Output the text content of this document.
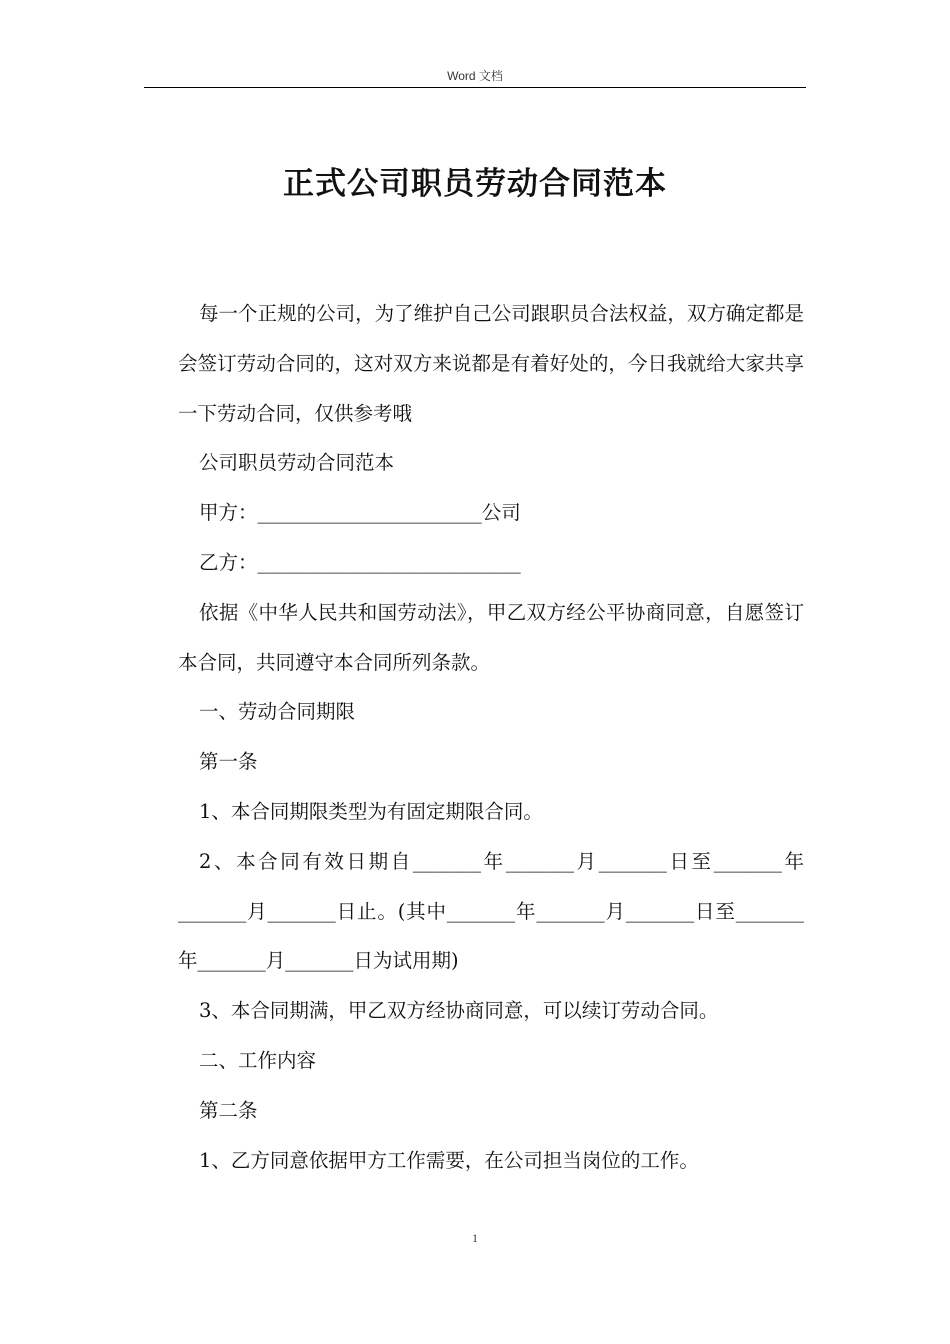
Word 文档
正式公司职员劳动合同范本

每一个正规的公司，为了维护自己公司跟职员合法权益，双方确定都是会签订劳动合同的，这对双方来说都是有着好处的，今日我就给大家共享一下劳动合同，仅供参考哦

公司职员劳动合同范本

甲方：_______________________公司

乙方：___________________________

依据《中华人民共和国劳动法》，甲乙双方经公平协商同意，自愿签订本合同，共同遵守本合同所列条款。

一、劳动合同期限

第一条

1、本合同期限类型为有固定期限合同。

2、本合同有效日期自_______年_______月_______日至_______年_______月_______日止。(其中_______年_______月_______日至_______年_______月_______日为试用期)

3、本合同期满，甲乙双方经协商同意，可以续订劳动合同。

二、工作内容

第二条

1、乙方同意依据甲方工作需要，在公司担当岗位的工作。

1
